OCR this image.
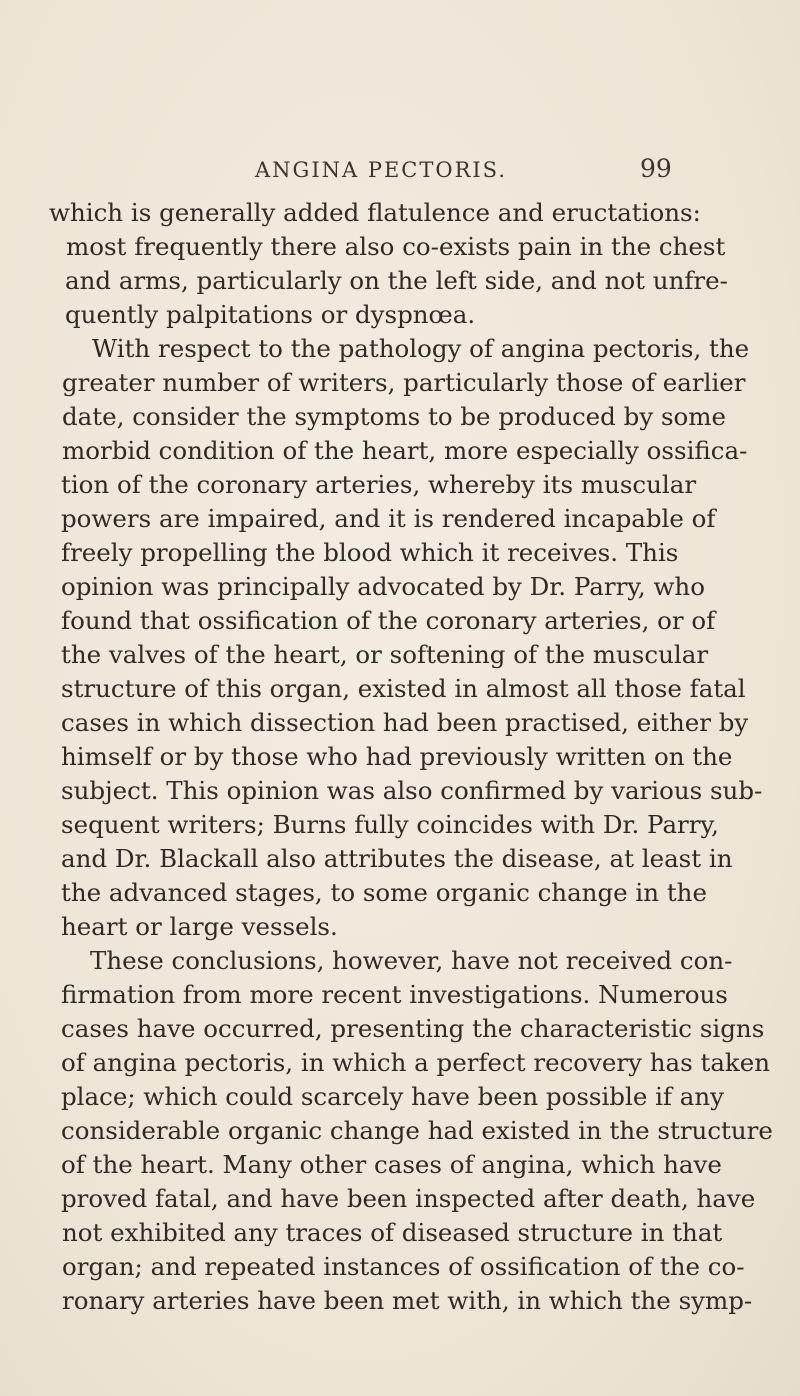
ANGINA PECTORIS.	99
which is generally added flatulence and eructations:
most frequently there also co-exists pain in the chest
and arms, particularly on the left side, and not unfre-
quently palpitations or dyspnœa.
With respect to the pathology of angina pectoris, the
greater number of writers, particularly those of earlier
date, consider the symptoms to be produced by some
morbid condition of the heart, more especially ossifica-
tion of the coronary arteries, whereby its muscular
powers are impaired, and it is rendered incapable of
freely propelling the blood which it receives. This
opinion was principally advocated by Dr. Parry, who
found that ossification of the coronary arteries, or of
the valves of the heart, or softening of the muscular
structure of this organ, existed in almost all those fatal
cases in which dissection had been practised, either by
himself or by those who had previously written on the
subject. This opinion was also confirmed by various sub-
sequent writers; Burns fully coincides with Dr. Parry,
and Dr. Blackall also attributes the disease, at least in
the advanced stages, to some organic change in the
heart or large vessels.
These conclusions, however, have not received con-
firmation from more recent investigations. Numerous
cases have occurred, presenting the characteristic signs
of angina pectoris, in which a perfect recovery has taken
place; which could scarcely have been possible if any
considerable organic change had existed in the structure
of the heart. Many other cases of angina, which have
proved fatal, and have been inspected after death, have
not exhibited any traces of diseased structure in that
organ; and repeated instances of ossification of the co-
ronary arteries have been met with, in which the symp-
